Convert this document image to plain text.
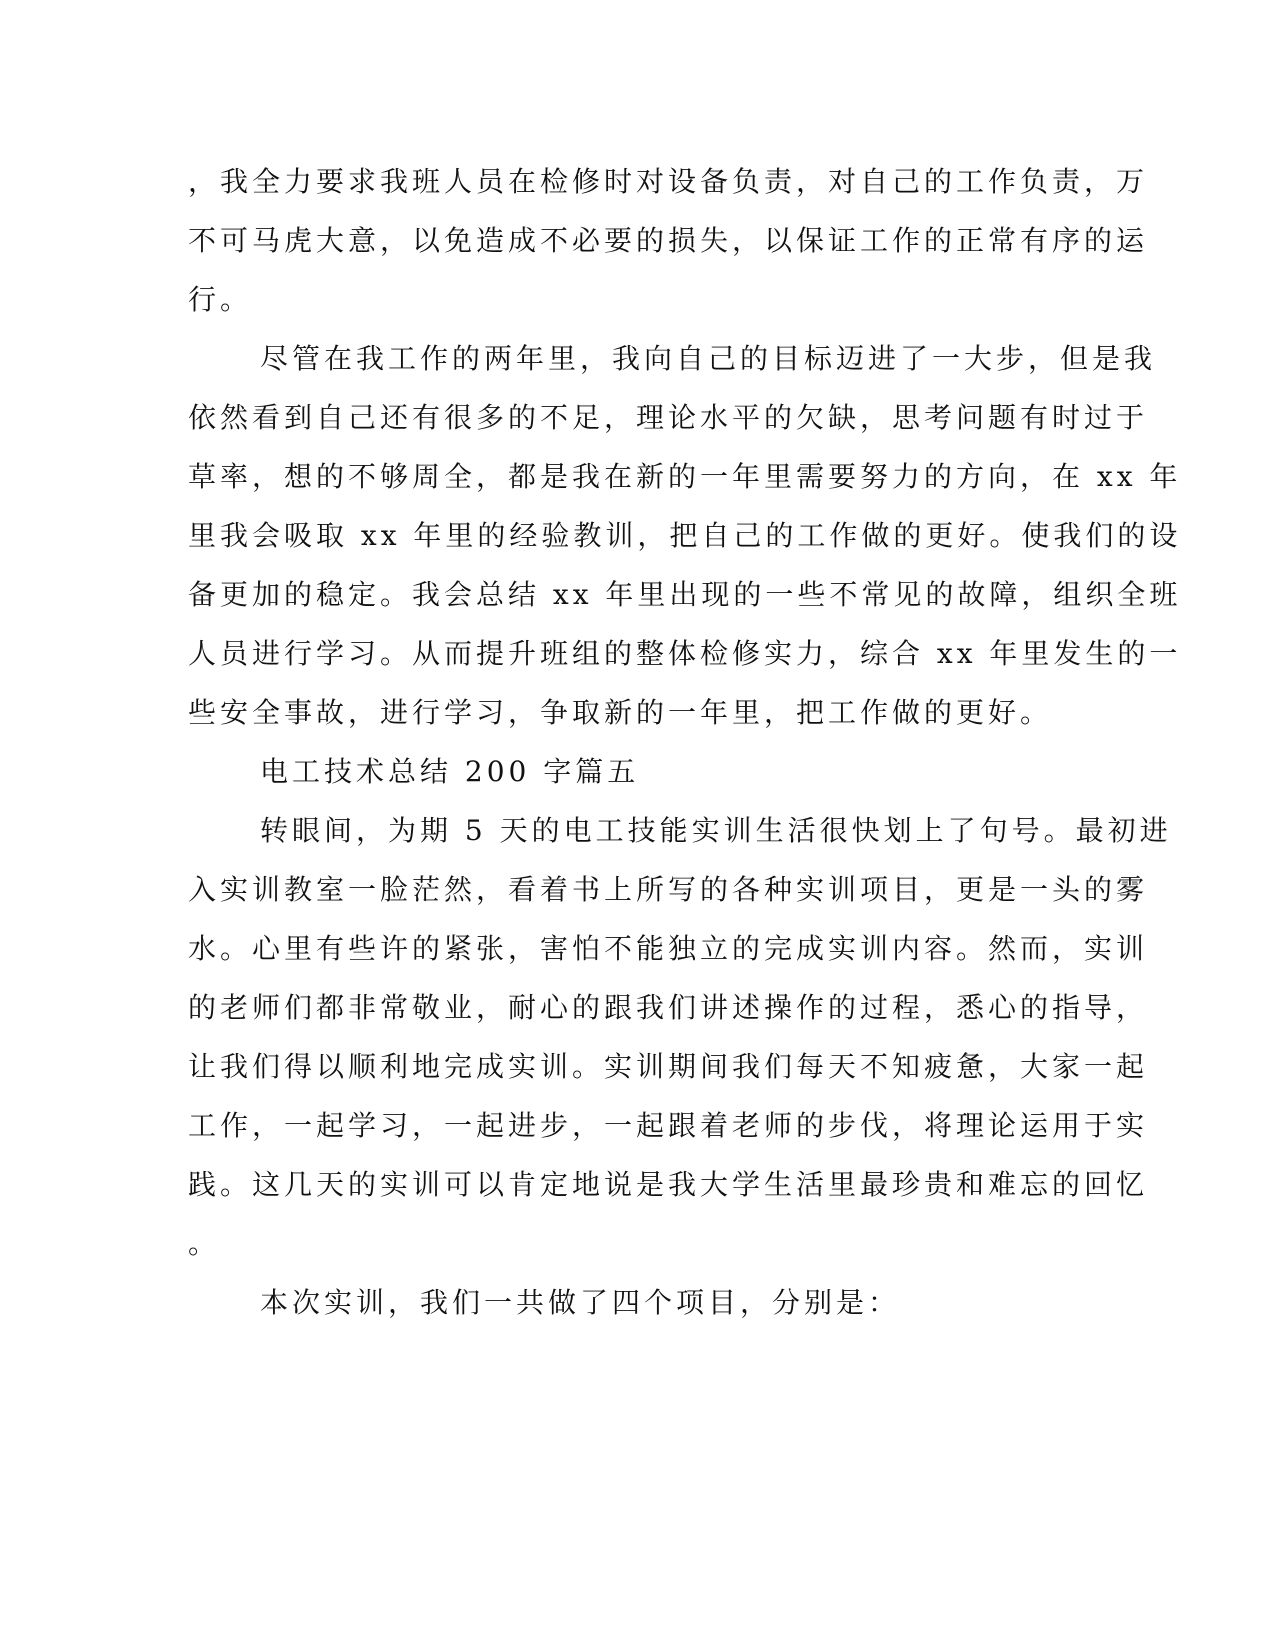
，我全力要求我班人员在检修时对设备负责，对自己的工作负责，万
不可马虎大意，以免造成不必要的损失，以保证工作的正常有序的运
行。
尽管在我工作的两年里，我向自己的目标迈进了一大步，但是我
依然看到自己还有很多的不足，理论水平的欠缺，思考问题有时过于
草率，想的不够周全，都是我在新的一年里需要努力的方向，在 xx 年
里我会吸取 xx 年里的经验教训，把自己的工作做的更好。使我们的设
备更加的稳定。我会总结 xx 年里出现的一些不常见的故障，组织全班
人员进行学习。从而提升班组的整体检修实力，综合 xx 年里发生的一
些安全事故，进行学习，争取新的一年里，把工作做的更好。
电工技术总结 200 字篇五
转眼间，为期 5 天的电工技能实训生活很快划上了句号。最初进
入实训教室一脸茫然，看着书上所写的各种实训项目，更是一头的雾
水。心里有些许的紧张，害怕不能独立的完成实训内容。然而，实训
的老师们都非常敬业，耐心的跟我们讲述操作的过程，悉心的指导，
让我们得以顺利地完成实训。实训期间我们每天不知疲惫，大家一起
工作，一起学习，一起进步，一起跟着老师的步伐，将理论运用于实
践。这几天的实训可以肯定地说是我大学生活里最珍贵和难忘的回忆
。
本次实训，我们一共做了四个项目，分别是：
